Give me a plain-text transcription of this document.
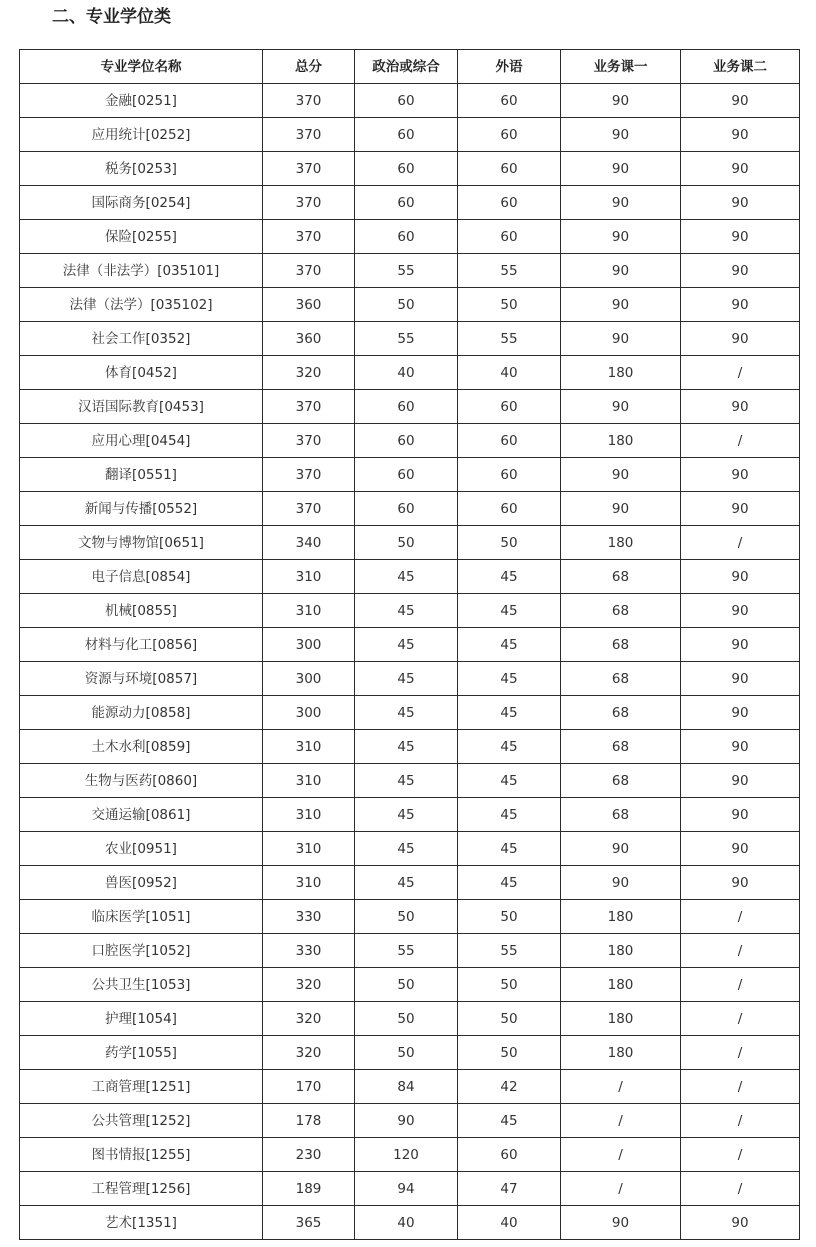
二、专业学位类
专业学位名称	总分	政治或综合	外语	业务课一	业务课二
金融[0251]	370	60	60	90	90
应用统计[0252]	370	60	60	90	90
税务[0253]	370	60	60	90	90
国际商务[0254]	370	60	60	90	90
保险[0255]	370	60	60	90	90
法律（非法学）[035101]	370	55	55	90	90
法律（法学）[035102]	360	50	50	90	90
社会工作[0352]	360	55	55	90	90
体育[0452]	320	40	40	180	/
汉语国际教育[0453]	370	60	60	90	90
应用心理[0454]	370	60	60	180	/
翻译[0551]	370	60	60	90	90
新闻与传播[0552]	370	60	60	90	90
文物与博物馆[0651]	340	50	50	180	/
电子信息[0854]	310	45	45	68	90
机械[0855]	310	45	45	68	90
材料与化工[0856]	300	45	45	68	90
资源与环境[0857]	300	45	45	68	90
能源动力[0858]	300	45	45	68	90
土木水利[0859]	310	45	45	68	90
生物与医药[0860]	310	45	45	68	90
交通运输[0861]	310	45	45	68	90
农业[0951]	310	45	45	90	90
兽医[0952]	310	45	45	90	90
临床医学[1051]	330	50	50	180	/
口腔医学[1052]	330	55	55	180	/
公共卫生[1053]	320	50	50	180	/
护理[1054]	320	50	50	180	/
药学[1055]	320	50	50	180	/
工商管理[1251]	170	84	42	/	/
公共管理[1252]	178	90	45	/	/
图书情报[1255]	230	120	60	/	/
工程管理[1256]	189	94	47	/	/
艺术[1351]	365	40	40	90	90
